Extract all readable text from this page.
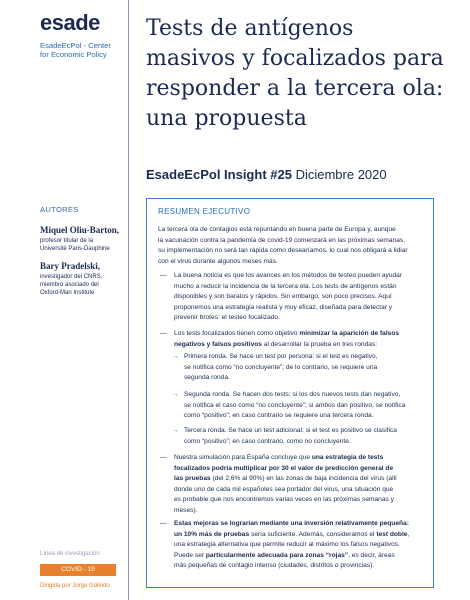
esade
EsadeEcPol - Center
for Economic Policy
AUTORES
Miquel Oliu-Barton,
profesor titular de la
Université Paris-Dauphine
Bary Pradelski,
investigador del CNRS,
miembro asociado del
Oxford-Man Institute
Línea de investigación
COVID - 19
Dirigida por Jorge Galindo
Tests de antígenos
masivos y focalizados para
responder a la tercera ola:
una propuesta
EsadeEcPol Insight #25 Diciembre 2020
RESUMEN EJECUTIVO
La tercera ola de contagios está repuntando en buena parte de Europa y, aunque
la vacunación contra la pandemia de covid-19 comenzará en las próximas semanas,
su implementación no será tan rápida como desearíamos, lo cual nos obligará a lidiar
con el virus durante algunos meses más.
— La buena noticia es que los avances en los métodos de testeo pueden ayudar
mucho a reducir la incidencia de la tercera ola. Los tests de antígenos están
disponibles y son baratos y rápidos. Sin embargo, son poco precisos. Aquí
proponemos una estrategia realista y muy eficaz, diseñada para detectar y
prevenir brotes: el testeo focalizado.
— Los tests focalizados tienen como objetivo minimizar la aparición de falsos
negativos y falsos positivos al desarrollar la prueba en tres rondas:
→ Primera ronda. Se hace un test por persona: si el test es negativo,
se notifica como “no concluyente”; de lo contrario, se requiere una
segunda ronda.
→ Segunda ronda. Se hacen dos tests; si los dos nuevos tests dan negativo,
se notifica el caso como “no concluyente”; si ambos dan positivo, se notifica
como “positivo”; en caso contrario se requiere una tercera ronda.
→ Tercera ronda. Se hace un test adicional: si el test es positivo se clasifica
como “positivo”; en caso contrario, como no concluyente.
— Nuestra simulación para España concluye que una estrategia de tests
focalizados podría multiplicar por 30 el valor de predicción general de
las pruebas (del 2,6% al 90%) en las zonas de baja incidencia del virus (allí
donde uno de cada mil españoles sea portador del virus, una situación que
es probable que nos encontremos varias veces en las próximas semanas y
meses).
— Estas mejoras se lograrían mediante una inversión relativamente pequeña:
un 10% más de pruebas sería suficiente. Además, consideramos el test doble,
una estrategia alternativa que permite reducir al máximo los falsos negativos.
Puede ser particularmente adecuada para zonas “rojas”, es decir, áreas
más pequeñas de contagio intenso (ciudades, distritos o provincias).
